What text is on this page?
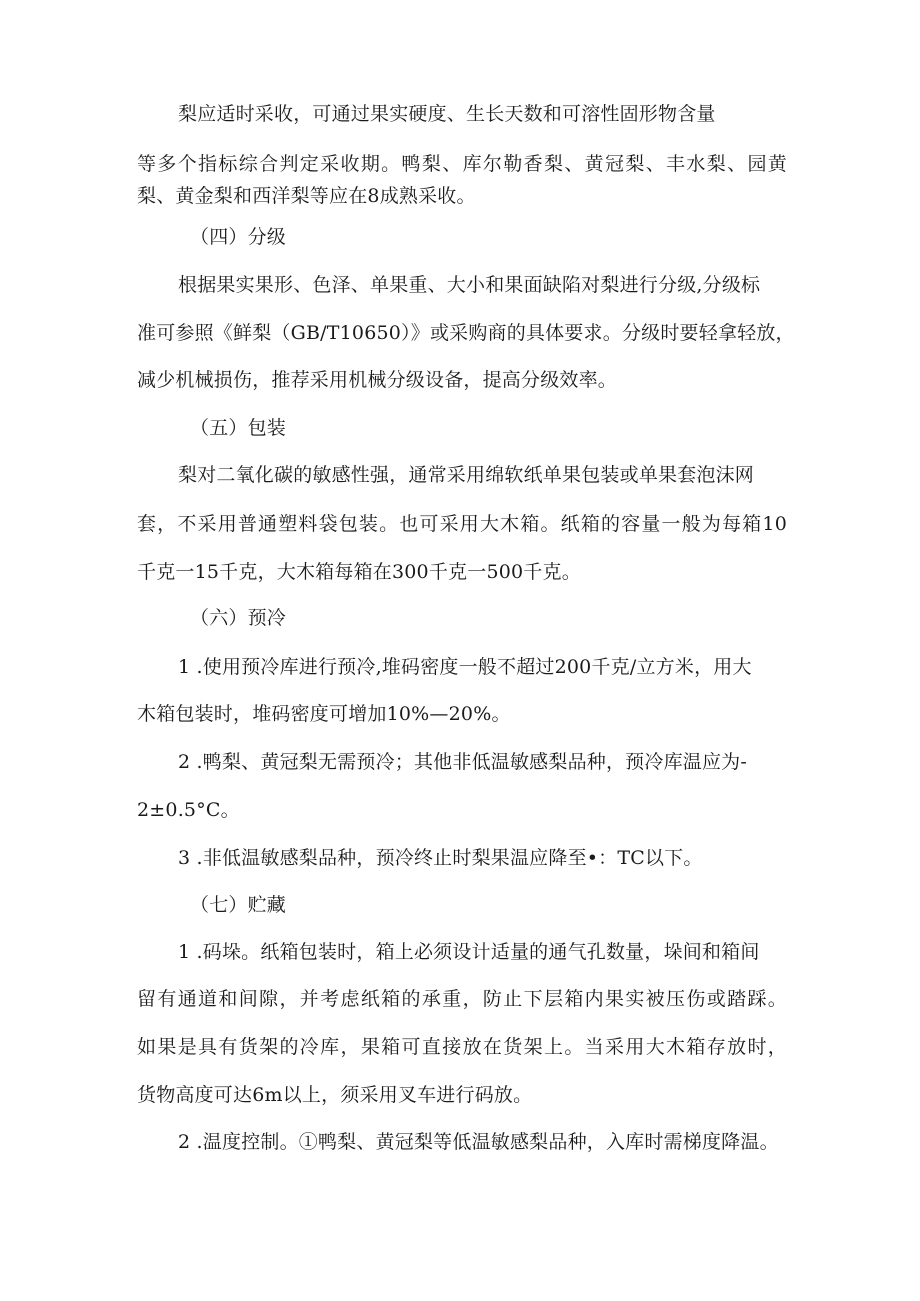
梨应适时采收，可通过果实硬度、生长天数和可溶性固形物含量
等多个指标综合判定采收期。鸭梨、库尔勒香梨、黄冠梨、丰水梨、园黄
梨、黄金梨和西洋梨等应在8成熟采收。
（四）分级
根据果实果形、色泽、单果重、大小和果面缺陷对梨进行分级,分级标
准可参照《鲜梨（GB/T10650）》或采购商的具体要求。分级时要轻拿轻放，
减少机械损伤，推荐采用机械分级设备，提高分级效率。
（五）包装
梨对二氧化碳的敏感性强，通常采用绵软纸单果包装或单果套泡沫网
套，不采用普通塑料袋包装。也可采用大木箱。纸箱的容量一般为每箱10
千克一15千克，大木箱每箱在300千克一500千克。
（六）预冷
1 .使用预冷库进行预冷,堆码密度一般不超过200千克/立方米，用大
木箱包装时，堆码密度可增加10%—20%。
2 .鸭梨、黄冠梨无需预冷；其他非低温敏感梨品种，预冷库温应为-
2±0.5°C。
3 .非低温敏感梨品种，预冷终止时梨果温应降至•：TC以下。
（七）贮藏
1 .码垛。纸箱包装时，箱上必须设计适量的通气孔数量，垛间和箱间
留有通道和间隙，并考虑纸箱的承重，防止下层箱内果实被压伤或踏踩。
如果是具有货架的冷库，果箱可直接放在货架上。当采用大木箱存放时，
货物高度可达6m以上，须采用叉车进行码放。
2 .温度控制。①鸭梨、黄冠梨等低温敏感梨品种，入库时需梯度降温。
